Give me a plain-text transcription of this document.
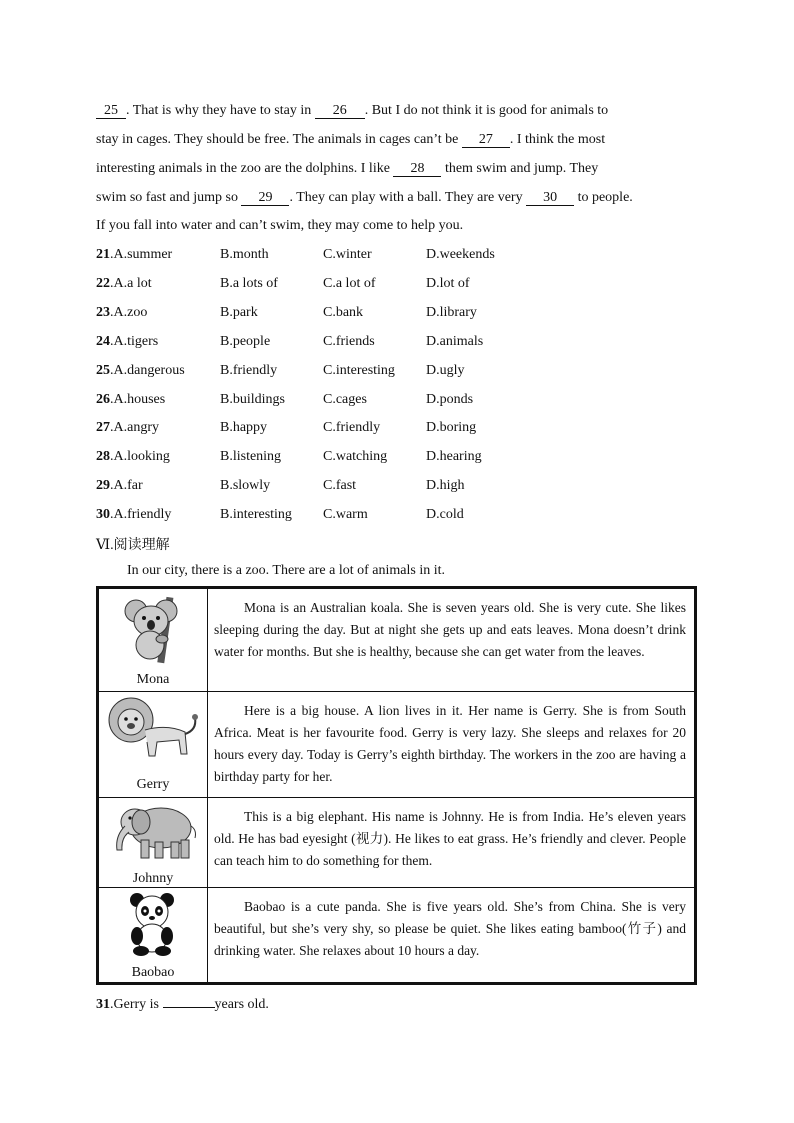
25 . That is why they have to stay in 26 . But I do not think it is good for animals to
stay in cages. They should be free. The animals in cages can’t be 27 . I think the most
interesting animals in the zoo are the dolphins. I like 28 them swim and jump. They
swim so fast and jump so 29 . They can play with a ball. They are very 30 to people.
If you fall into water and can’t swim, they may come to help you.
21.A.summer	B.month	C.winter	D.weekends
22.A.a lot	B.a lots of	C.a lot of	D.lot of
23.A.zoo	B.park	C.bank	D.library
24.A.tigers	B.people	C.friends	D.animals
25.A.dangerous	B.friendly	C.interesting D.ugly
26.A.houses	B.buildings	C.cages	D.ponds
27.A.angry	B.happy	C.friendly	D.boring
28.A.looking	B.listening	C.watching	D.hearing
29.A.far	B.slowly	C.fast	D.high
30.A.friendly	B.interesting C.warm	D.cold
Ⅵ.阅读理解
In our city, there is a zoo. There are a lot of animals in it.
Mona	Mona is an Australian koala. She is seven years old. She is very cute. She likes sleeping during the day. But at night she gets up and eats leaves. Mona doesn’t drink water for months. But she is healthy, because she can get water from the leaves.

Gerry	Here is a big house. A lion lives in it. Her name is Gerry. She is from South Africa. Meat is her favourite food. Gerry is very lazy. She sleeps and relaxes for 20 hours every day. Today is Gerry’s eighth birthday. The workers in the zoo are having a birthday party for her.

Johnny	This is a big elephant. His name is Johnny. He is from India. He’s eleven years old. He has bad eyesight (视力). He likes to eat grass. He’s friendly and clever. People can teach him to do something for them.

Baobao	Baobao is a cute panda. She is five years old. She’s from China. She is very beautiful, but she’s very shy, so please be quiet. She likes eating bamboo(竹子) and drinking water. She relaxes about 10 hours a day.

31.Gerry is	years old.
